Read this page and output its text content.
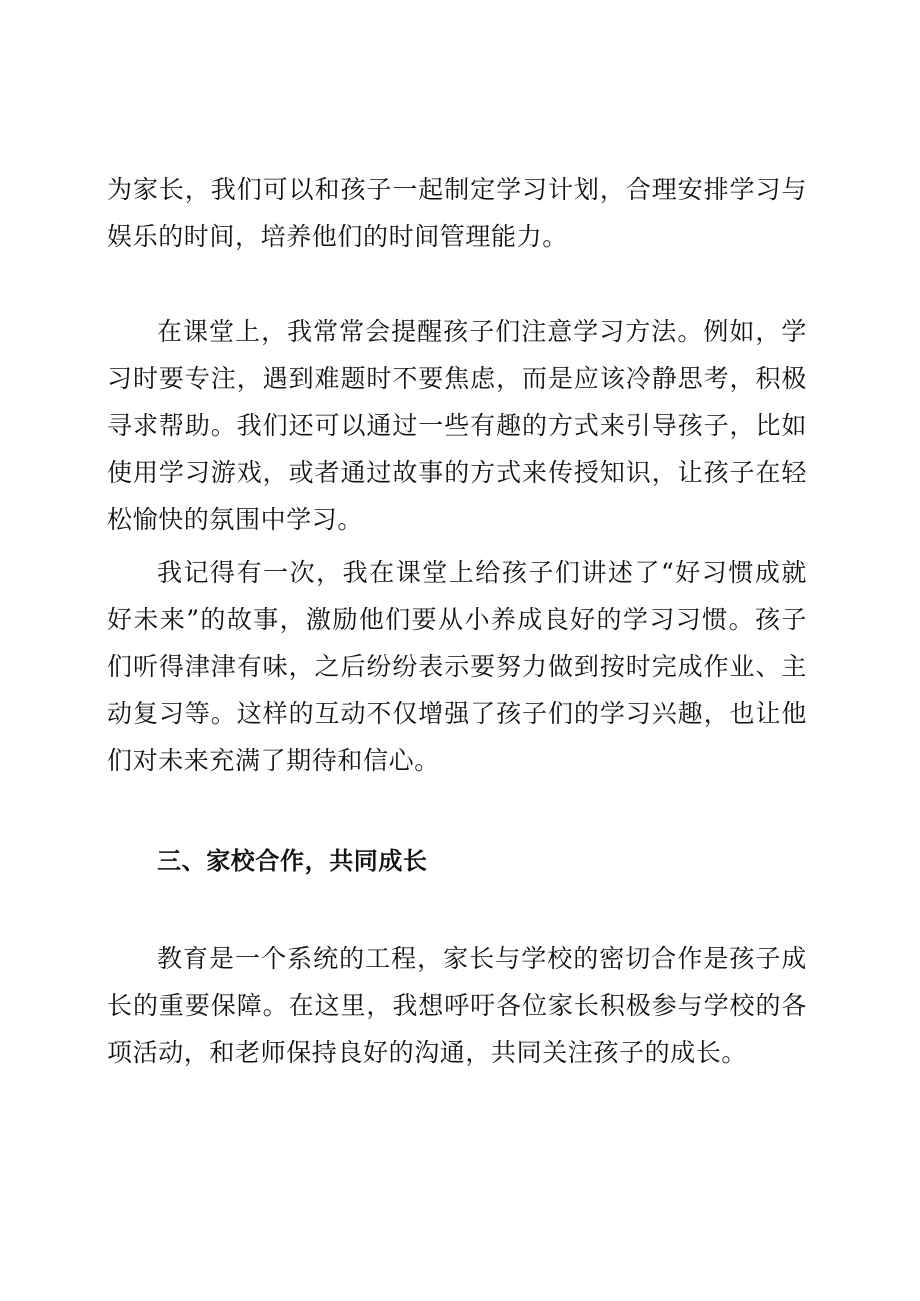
为家长，我们可以和孩子一起制定学习计划，合理安排学习与娱乐的时间，培养他们的时间管理能力。

在课堂上，我常常会提醒孩子们注意学习方法。例如，学习时要专注，遇到难题时不要焦虑，而是应该冷静思考，积极寻求帮助。我们还可以通过一些有趣的方式来引导孩子，比如使用学习游戏，或者通过故事的方式来传授知识，让孩子在轻松愉快的氛围中学习。

我记得有一次，我在课堂上给孩子们讲述了“好习惯成就好未来”的故事，激励他们要从小养成良好的学习习惯。孩子们听得津津有味，之后纷纷表示要努力做到按时完成作业、主动复习等。这样的互动不仅增强了孩子们的学习兴趣，也让他们对未来充满了期待和信心。

三、家校合作，共同成长

教育是一个系统的工程，家长与学校的密切合作是孩子成长的重要保障。在这里，我想呼吁各位家长积极参与学校的各项活动，和老师保持良好的沟通，共同关注孩子的成长。
